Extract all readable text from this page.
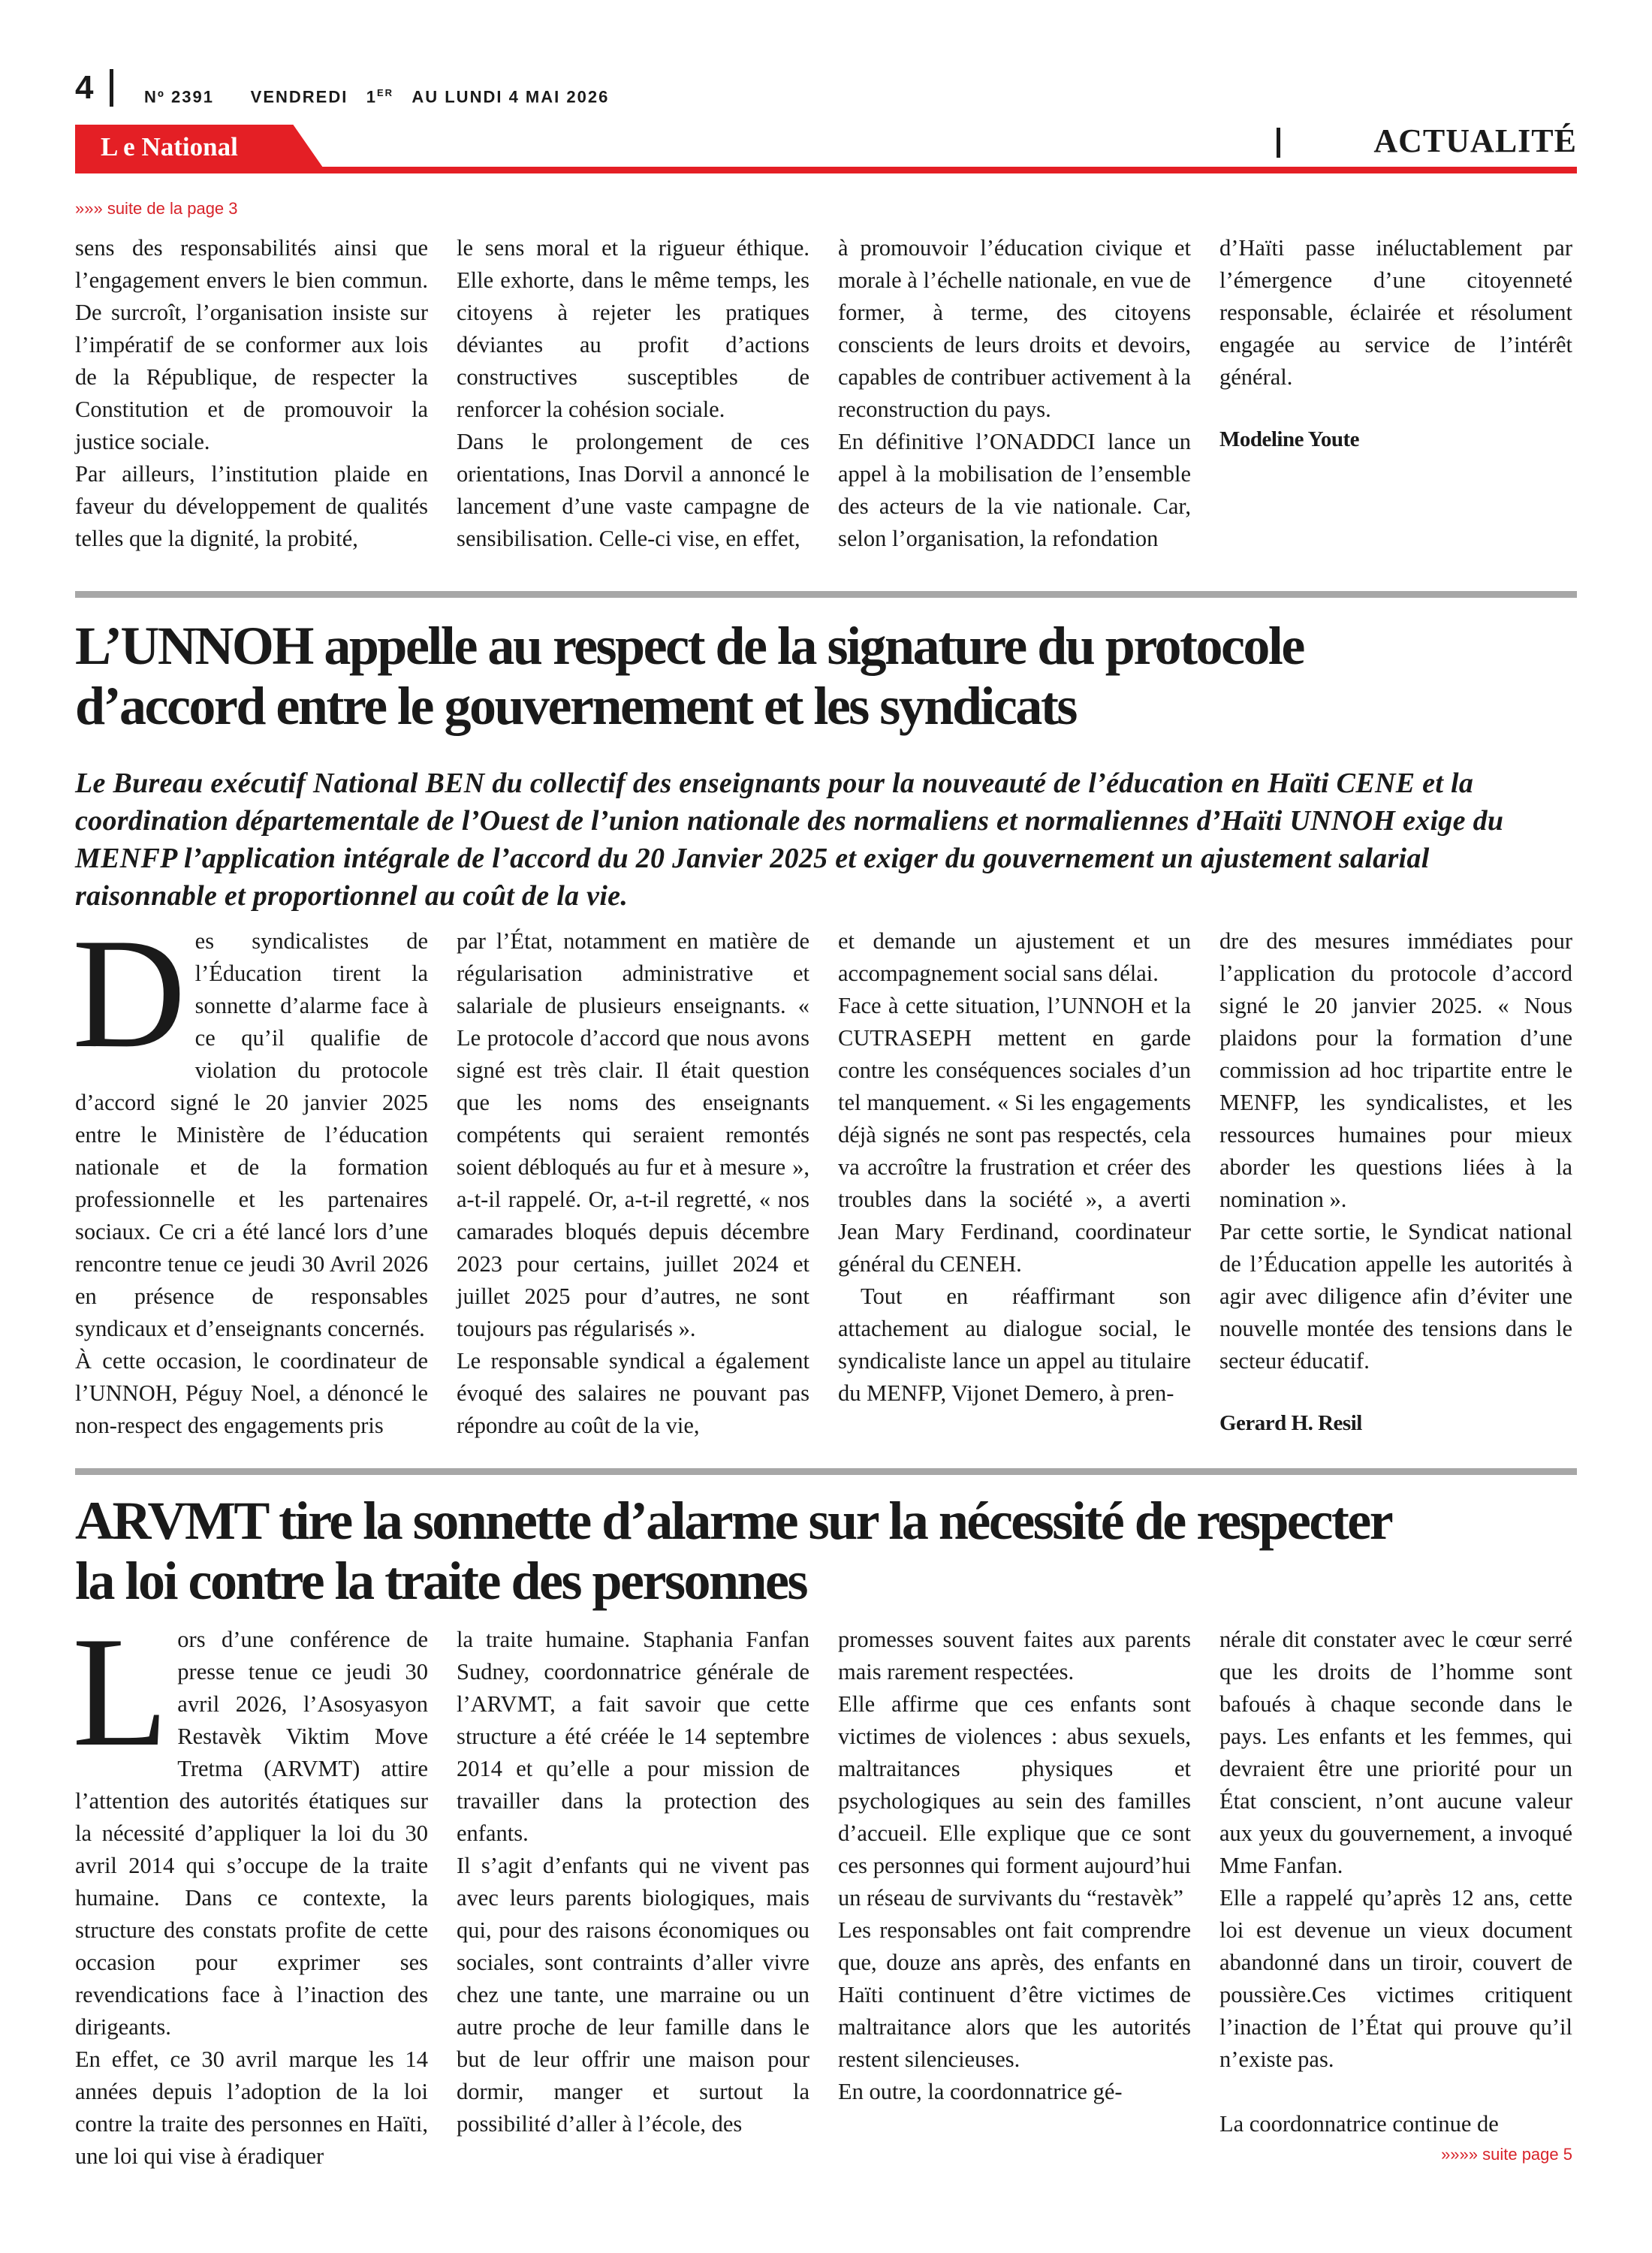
4	Nº 2391 VENDREDI 1ER AU LUNDI 4 MAI 2026
L e National	ACTUALITÉ
»»» suite de la page 3

sens des responsabilités ainsi que l’engagement envers le bien commun. De surcroît, l’organisation insiste sur l’impératif de se conformer aux lois de la République, de respecter la Constitution et de promouvoir la justice sociale.

Par ailleurs, l’institution plaide en faveur du développement de qualités telles que la dignité, la probité,

le sens moral et la rigueur éthique. Elle exhorte, dans le même temps, les citoyens à rejeter les pratiques déviantes au profit d’actions constructives susceptibles de renforcer la cohésion sociale.

Dans le prolongement de ces orientations, Inas Dorvil a annoncé le lancement d’une vaste campagne de sensibilisation. Celle-ci vise, en effet,

à promouvoir l’éducation civique et morale à l’échelle nationale, en vue de former, à terme, des citoyens conscients de leurs droits et devoirs, capables de contribuer activement à la reconstruction du pays.

En définitive l’ONADDCI lance un appel à la mobilisation de l’ensemble des acteurs de la vie nationale. Car, selon l’organisation, la refondation

d’Haïti passe inéluctablement par l’émergence d’une citoyenneté responsable, éclairée et résolument engagée au service de l’intérêt général.

Modeline Youte

L’UNNOH appelle au respect de la signature du protocole
d’accord entre le gouvernement et les syndicats
Le Bureau exécutif National BEN du collectif des enseignants pour la nouveauté de l’éducation en Haïti CENE et la coordination départementale de l’Ouest de l’union nationale des normaliens et normaliennes d’Haïti UNNOH exige du MENFP l’application intégrale de l’accord du 20 Janvier 2025 et exiger du gouvernement un ajustement salarial raisonnable et proportionnel au coût de la vie.

Des syndicalistes de l’Éducation tirent la sonnette d’alarme face à ce qu’il qualifie de violation du protocole d’accord signé le 20 janvier 2025 entre le Ministère de l’éducation nationale et de la formation professionnelle et les partenaires sociaux. Ce cri a été lancé lors d’une rencontre tenue ce jeudi 30 Avril 2026 en présence de responsables syndicaux et d’enseignants concernés.

À cette occasion, le coordinateur de l’UNNOH, Péguy Noel, a dénoncé le non-respect des engagements pris

par l’État, notamment en matière de régularisation administrative et salariale de plusieurs enseignants. « Le protocole d’accord que nous avons signé est très clair. Il était question que les noms des enseignants compétents qui seraient remontés soient débloqués au fur et à mesure », a-t-il rappelé. Or, a-t-il regretté, « nos camarades bloqués depuis décembre 2023 pour certains, juillet 2024 et juillet 2025 pour d’autres, ne sont toujours pas régularisés ».

Le responsable syndical a également évoqué des salaires ne pouvant pas répondre au coût de la vie,

et demande un ajustement et un accompagnement social sans délai.

Face à cette situation, l’UNNOH et la CUTRASEPH mettent en garde contre les conséquences sociales d’un tel manquement. « Si les engagements déjà signés ne sont pas respectés, cela va accroître la frustration et créer des troubles dans la société », a averti Jean Mary Ferdinand, coordinateur général du CENEH.

Tout en réaffirmant son attachement au dialogue social, le syndicaliste lance un appel au titulaire du MENFP, Vijonet Demero, à pren-

dre des mesures immédiates pour l’application du protocole d’accord signé le 20 janvier 2025. « Nous plaidons pour la formation d’une commission ad hoc tripartite entre le MENFP, les syndicalistes, et les ressources humaines pour mieux aborder les questions liées à la nomination ».

Par cette sortie, le Syndicat national de l’Éducation appelle les autorités à agir avec diligence afin d’éviter une nouvelle montée des tensions dans le secteur éducatif.

Gerard H. Resil

ARVMT tire la sonnette d’alarme sur la nécessité de respecter
la loi contre la traite des personnes

Lors d’une conférence de presse tenue ce jeudi 30 avril 2026, l’Asosyasyon Restavèk Viktim Move Tretma (ARVMT) attire l’attention des autorités étatiques sur la nécessité d’appliquer la loi du 30 avril 2014 qui s’occupe de la traite humaine. Dans ce contexte, la structure des constats profite de cette occasion pour exprimer ses revendications face à l’inaction des dirigeants.

En effet, ce 30 avril marque les 14 années depuis l’adoption de la loi contre la traite des personnes en Haïti, une loi qui vise à éradiquer

la traite humaine. Staphania Fanfan Sudney, coordonnatrice générale de l’ARVMT, a fait savoir que cette structure a été créée le 14 septembre 2014 et qu’elle a pour mission de travailler dans la protection des enfants.

Il s’agit d’enfants qui ne vivent pas avec leurs parents biologiques, mais qui, pour des raisons économiques ou sociales, sont contraints d’aller vivre chez une tante, une marraine ou un autre proche de leur famille dans le but de leur offrir une maison pour dormir, manger et surtout la possibilité d’aller à l’école, des

promesses souvent faites aux parents mais rarement respectées.

Elle affirme que ces enfants sont victimes de violences : abus sexuels, maltraitances physiques et psychologiques au sein des familles d’accueil. Elle explique que ce sont ces personnes qui forment aujourd’hui un réseau de survivants du “restavèk”

Les responsables ont fait comprendre que, douze ans après, des enfants en Haïti continuent d’être victimes de maltraitance alors que les autorités restent silencieuses.

En outre, la coordonnatrice gé-

nérale dit constater avec le cœur serré que les droits de l’homme sont bafoués à chaque seconde dans le pays. Les enfants et les femmes, qui devraient être une priorité pour un État conscient, n’ont aucune valeur aux yeux du gouvernement, a invoqué Mme Fanfan.

Elle a rappelé qu’après 12 ans, cette loi est devenue un vieux document abandonné dans un tiroir, couvert de poussière.Ces victimes critiquent l’inaction de l’État qui prouve qu’il n’existe pas.

La coordonnatrice continue de

»»»» suite page 5
